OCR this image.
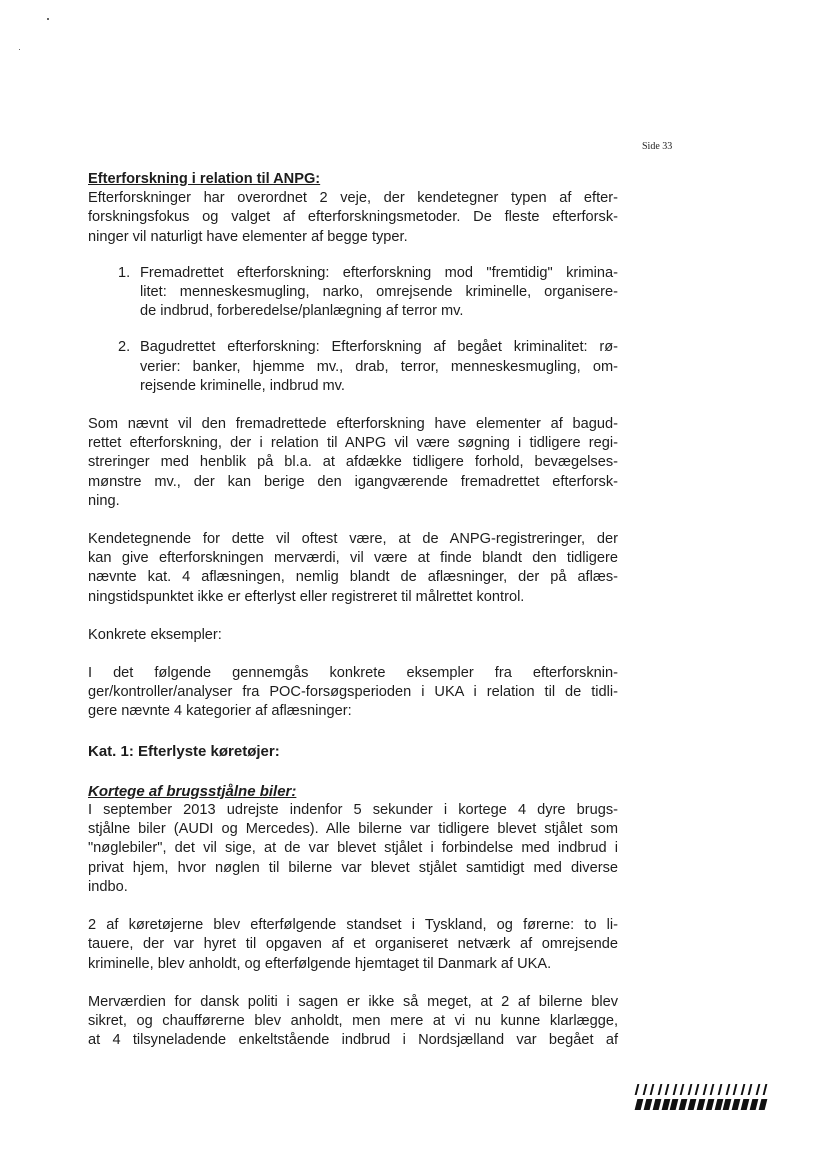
Side 33
Efterforskning i relation til ANPG:
Efterforskninger har overordnet 2 veje, der kendetegner typen af efter-
forskningsfokus og valget af efterforskningsmetoder. De fleste efterforsk-
ninger vil naturligt have elementer af begge typer.
1. Fremadrettet efterforskning: efterforskning mod "fremtidig" krimina-
litet: menneskesmugling, narko, omrejsende kriminelle, organisere-
de indbrud, forberedelse/planlægning af terror mv.
2. Bagudrettet efterforskning: Efterforskning af begået kriminalitet: rø-
verier: banker, hjemme mv., drab, terror, menneskesmugling, om-
rejsende kriminelle, indbrud mv.
Som nævnt vil den fremadrettede efterforskning have elementer af bagud-
rettet efterforskning, der i relation til ANPG vil være søgning i tidligere regi-
streringer med henblik på bl.a. at afdække tidligere forhold, bevægelses-
mønstre mv., der kan berige den igangværende fremadrettet efterforsk-
ning.
Kendetegnende for dette vil oftest være, at de ANPG-registreringer, der
kan give efterforskningen merværdi, vil være at finde blandt den tidligere
nævnte kat. 4 aflæsningen, nemlig blandt de aflæsninger, der på aflæs-
ningstidspunktet ikke er efterlyst eller registreret til målrettet kontrol.
Konkrete eksempler:
I det følgende gennemgås konkrete eksempler fra efterforsknin-
ger/kontroller/analyser fra POC-forsøgsperioden i UKA i relation til de tidli-
gere nævnte 4 kategorier af aflæsninger:
Kat. 1: Efterlyste køretøjer:
Kortege af brugsstjålne biler:
I september 2013 udrejste indenfor 5 sekunder i kortege 4 dyre brugs-
stjålne biler (AUDI og Mercedes). Alle bilerne var tidligere blevet stjålet som
"nøglebiler", det vil sige, at de var blevet stjålet i forbindelse med indbrud i
privat hjem, hvor nøglen til bilerne var blevet stjålet samtidigt med diverse
indbo.
2 af køretøjerne blev efterfølgende standset i Tyskland, og førerne: to li-
tauere, der var hyret til opgaven af et organiseret netværk af omrejsende
kriminelle, blev anholdt, og efterfølgende hjemtaget til Danmark af UKA.
Merværdien for dansk politi i sagen er ikke så meget, at 2 af bilerne blev
sikret, og chaufførerne blev anholdt, men mere at vi nu kunne klarlægge,
at 4 tilsyneladende enkeltstående indbrud i Nordsjælland var begået af
